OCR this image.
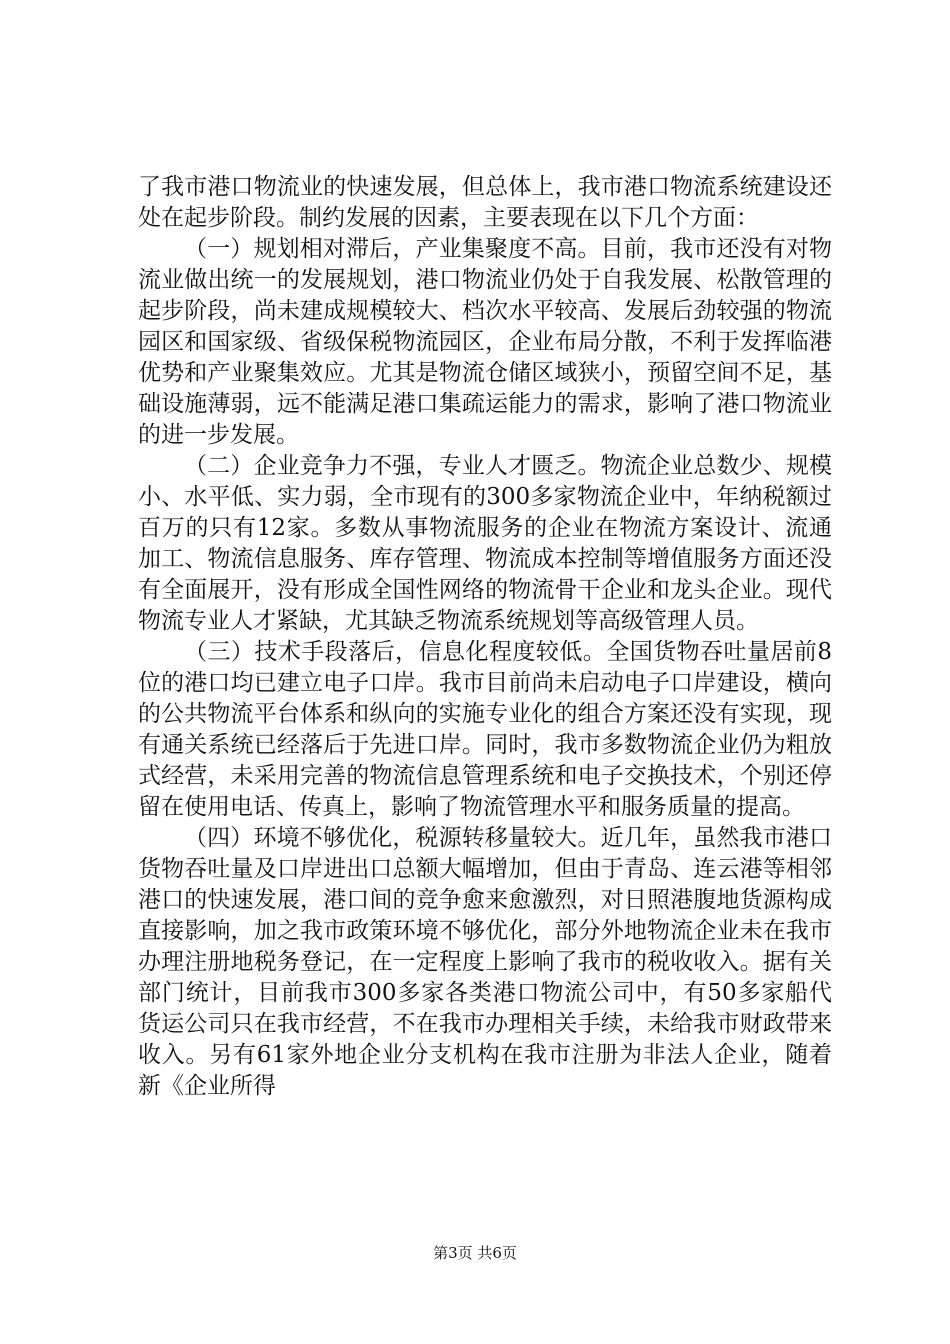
了我市港口物流业的快速发展，但总体上，我市港口物流系统建设还处在起步阶段。制约发展的因素，主要表现在以下几个方面：

（一）规划相对滞后，产业集聚度不高。目前，我市还没有对物流业做出统一的发展规划，港口物流业仍处于自我发展、松散管理的起步阶段，尚未建成规模较大、档次水平较高、发展后劲较强的物流园区和国家级、省级保税物流园区，企业布局分散，不利于发挥临港优势和产业聚集效应。尤其是物流仓储区域狭小，预留空间不足，基础设施薄弱，远不能满足港口集疏运能力的需求，影响了港口物流业的进一步发展。

（二）企业竞争力不强，专业人才匮乏。物流企业总数少、规模小、水平低、实力弱，全市现有的300多家物流企业中，年纳税额过百万的只有12家。多数从事物流服务的企业在物流方案设计、流通加工、物流信息服务、库存管理、物流成本控制等增值服务方面还没有全面展开，没有形成全国性网络的物流骨干企业和龙头企业。现代物流专业人才紧缺，尤其缺乏物流系统规划等高级管理人员。

（三）技术手段落后，信息化程度较低。全国货物吞吐量居前8位的港口均已建立电子口岸。我市目前尚未启动电子口岸建设，横向的公共物流平台体系和纵向的实施专业化的组合方案还没有实现，现有通关系统已经落后于先进口岸。同时，我市多数物流企业仍为粗放式经营，未采用完善的物流信息管理系统和电子交换技术，个别还停留在使用电话、传真上，影响了物流管理水平和服务质量的提高。

（四）环境不够优化，税源转移量较大。近几年，虽然我市港口货物吞吐量及口岸进出口总额大幅增加，但由于青岛、连云港等相邻港口的快速发展，港口间的竞争愈来愈激烈，对日照港腹地货源构成直接影响，加之我市政策环境不够优化，部分外地物流企业未在我市办理注册地税务登记，在一定程度上影响了我市的税收收入。据有关部门统计，目前我市300多家各类港口物流公司中，有50多家船代货运公司只在我市经营，不在我市办理相关手续，未给我市财政带来收入。另有61家外地企业分支机构在我市注册为非法人企业，随着新《企业所得

第3页 共6页
